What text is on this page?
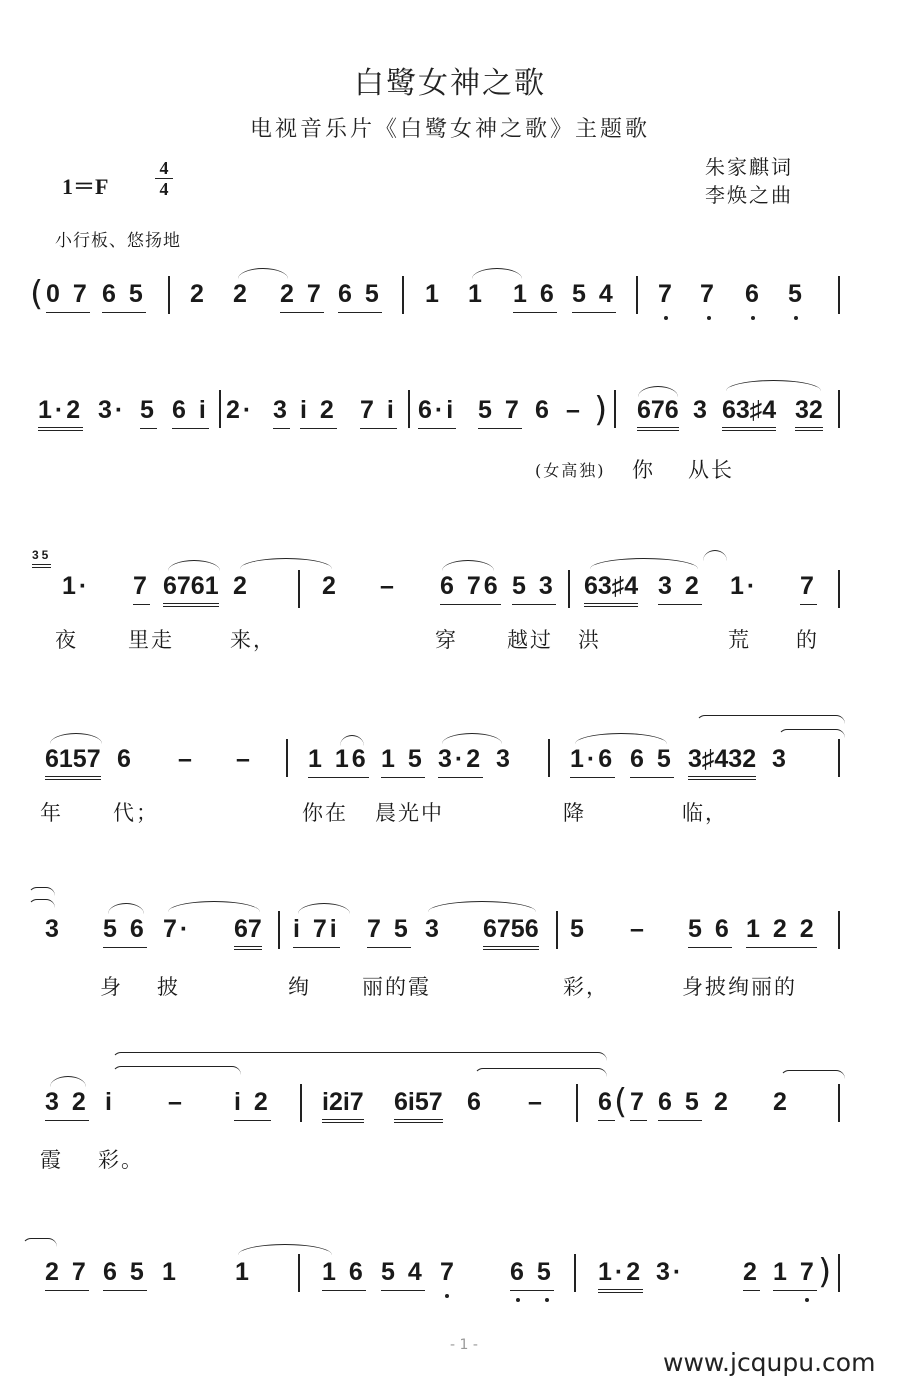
白鹭女神之歌
电视音乐片《白鹭女神之歌》主题歌
1＝F
4
4
朱家麒词
李焕之曲
小行板、悠扬地
( 0 7 6 5 2 2 2 7 6 5 1 1 1 6 5 4 7 7 6 5
1·2 3· 5 6 i 2· 3 i 2 7 i 6·i 5 7 6 – ) 676 3 63♯4 32
(女高独) 你 从长
35
1· 7 6761 2	2 – 6 76 5 3 63♯4 3 2 1· 7
夜 里走	来，	穿 越过 洪	荒 的
6157 6 – – 1 16 1 5 3·2 3 1·6 6 5 3♯432 3
年 代；	你在 晨光中	降	临，
3 5 6 7· 67 i 7i 7 5 3 6756 5 – 5 6 1 2 2
身 披	绚 丽的霞	彩，	身披绚丽的
3 2 i – i 2 i2i7 6i57 6 – 6 ( 7 6 5 2 2
霞 彩。
2 7 6 5 1 1	1 6 5 4 7 6 5 1·2 3· 2 1 7 )
- 1 -
www.jcqupu.com
